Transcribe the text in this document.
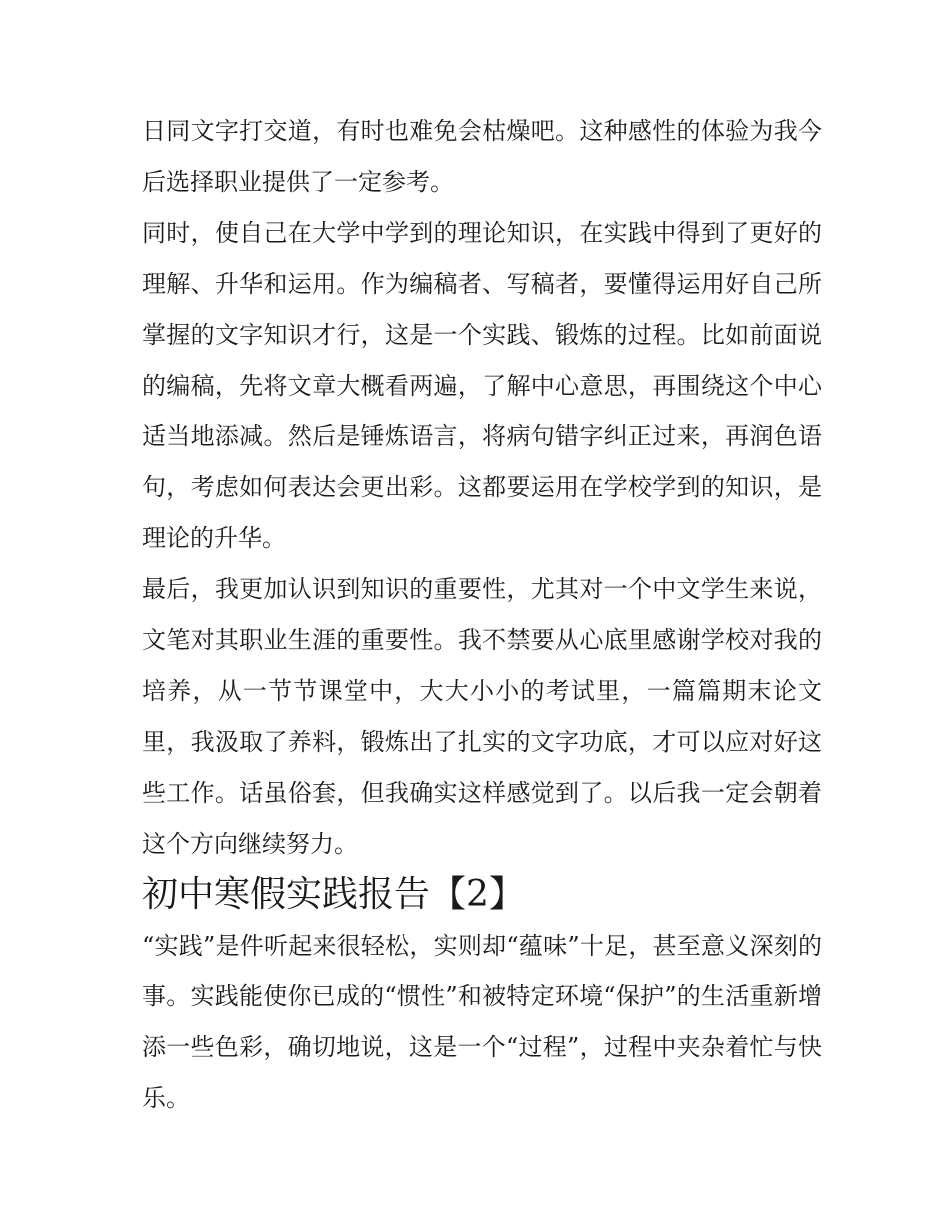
日同文字打交道，有时也难免会枯燥吧。这种感性的体验为我今后选择职业提供了一定参考。

同时，使自己在大学中学到的理论知识，在实践中得到了更好的理解、升华和运用。作为编稿者、写稿者，要懂得运用好自己所掌握的文字知识才行，这是一个实践、锻炼的过程。比如前面说的编稿，先将文章大概看两遍，了解中心意思，再围绕这个中心适当地添减。然后是锤炼语言，将病句错字纠正过来，再润色语句，考虑如何表达会更出彩。这都要运用在学校学到的知识，是理论的升华。

最后，我更加认识到知识的重要性，尤其对一个中文学生来说，文笔对其职业生涯的重要性。我不禁要从心底里感谢学校对我的培养，从一节节课堂中，大大小小的考试里，一篇篇期末论文里，我汲取了养料，锻炼出了扎实的文字功底，才可以应对好这些工作。话虽俗套，但我确实这样感觉到了。以后我一定会朝着这个方向继续努力。

初中寒假实践报告【2】

“实践”是件听起来很轻松，实则却“蕴味”十足，甚至意义深刻的事。实践能使你已成的“惯性”和被特定环境“保护”的生活重新增添一些色彩，确切地说，这是一个“过程”，过程中夹杂着忙与快乐。
